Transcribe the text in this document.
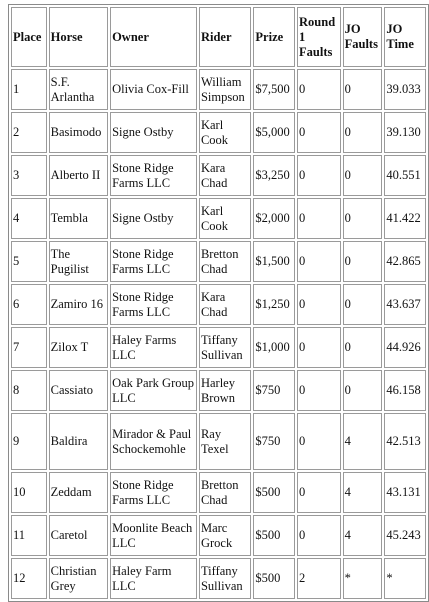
Place	Horse	Owner	Rider	Prize	Round 1 Faults	JO Faults	JO Time
1	S.F. Arlantha	Olivia Cox-Fill	William Simpson	$7,500	0	0	39.033
2	Basimodo	Signe Ostby	Karl Cook	$5,000	0	0	39.130
3	Alberto II	Stone Ridge Farms LLC	Kara Chad	$3,250	0	0	40.551
4	Tembla	Signe Ostby	Karl Cook	$2,000	0	0	41.422
5	The Pugilist	Stone Ridge Farms LLC	Bretton Chad	$1,500	0	0	42.865
6	Zamiro 16	Stone Ridge Farms LLC	Kara Chad	$1,250	0	0	43.637
7	Zilox T	Haley Farms LLC	Tiffany Sullivan	$1,000	0	0	44.926
8	Cassiato	Oak Park Group LLC	Harley Brown	$750	0	0	46.158
9	Baldira	Mirador & Paul Schockemohle	Ray Texel	$750	0	4	42.513
10	Zeddam	Stone Ridge Farms LLC	Bretton Chad	$500	0	4	43.131
11	Caretol	Moonlite Beach LLC	Marc Grock	$500	0	4	45.243
12	Christian Grey	Haley Farm LLC	Tiffany Sullivan	$500	2	*	*
